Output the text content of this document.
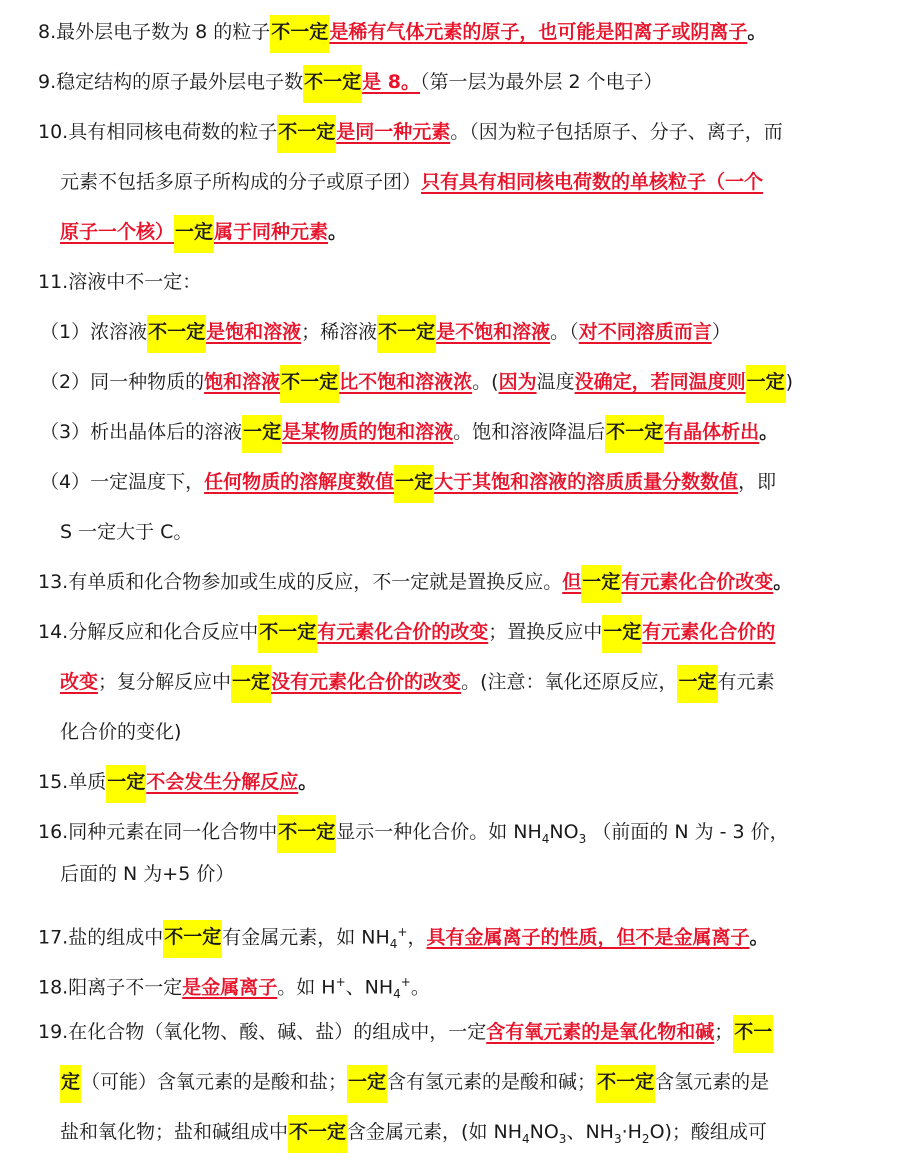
8.最外层电子数为 8 的粒子不一定是稀有气体元素的原子，也可能是阳离子或阴离子。
9.稳定结构的原子最外层电子数不一定是 8。（第一层为最外层 2 个电子）
10.具有相同核电荷数的粒子不一定是同一种元素。（因为粒子包括原子、分子、离子，而
元素不包括多原子所构成的分子或原子团）只有具有相同核电荷数的单核粒子（一个
原子一个核）一定属于同种元素。
11.溶液中不一定：
（1）浓溶液不一定是饱和溶液；稀溶液不一定是不饱和溶液。（对不同溶质而言）
（2）同一种物质的饱和溶液不一定比不饱和溶液浓。(因为温度没确定，若同温度则一定)
（3）析出晶体后的溶液一定是某物质的饱和溶液。饱和溶液降温后不一定有晶体析出。
（4）一定温度下，任何物质的溶解度数值一定大于其饱和溶液的溶质质量分数数值，即
S 一定大于 C。
13.有单质和化合物参加或生成的反应，不一定就是置换反应。但一定有元素化合价改变。
14.分解反应和化合反应中不一定有元素化合价的改变；置换反应中一定有元素化合价的
改变；复分解反应中一定没有元素化合价的改变。(注意：氧化还原反应，一定有元素
化合价的变化)
15.单质一定不会发生分解反应。
16.同种元素在同一化合物中不一定显示一种化合价。如 $NH_4NO_3$ （前面的 N 为 - 3 价，
后面的 N 为+5 价）
17.盐的组成中不一定有金属元素，如 $NH_4^+$，具有金属离子的性质，但不是金属离子。
18.阳离子不一定是金属离子。如 H+、$NH_4^+$。
19.在化合物（氧化物、酸、碱、盐）的组成中，一定含有氧元素的是氧化物和碱；不一
定（可能）含氧元素的是酸和盐；一定含有氢元素的是酸和碱；不一定含氢元素的是
盐和氧化物；盐和碱组成中不一定含金属元素，(如 $NH_4NO_3$、$NH_3\cdot H_2O$)；酸组成可
